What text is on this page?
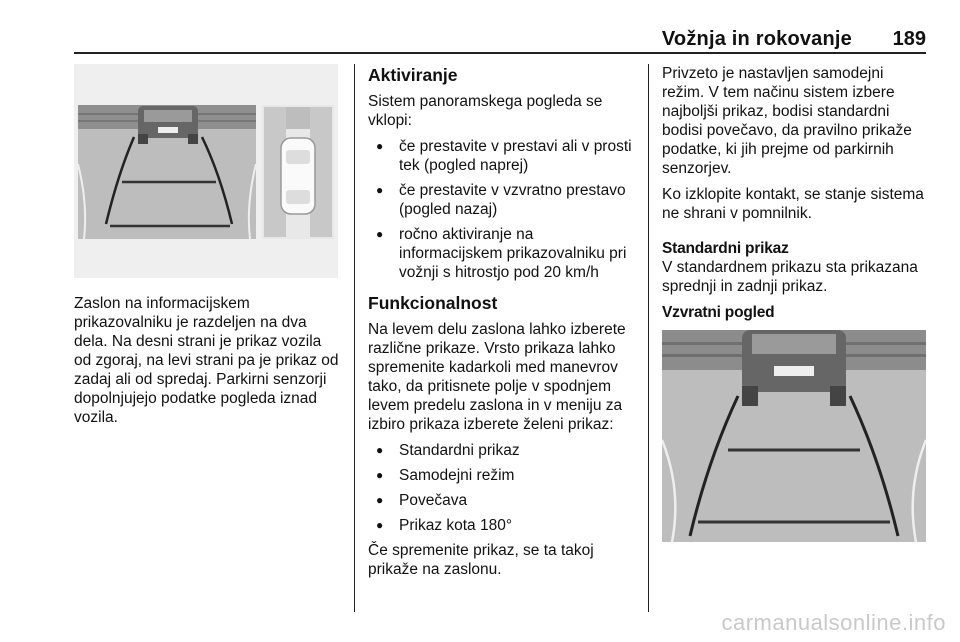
Vožnja in rokovanje 189

Zaslon na informacijskem prikazovalniku je razdeljen na dva dela. Na desni strani je prikaz vozila od zgoraj, na levi strani pa je prikaz od zadaj ali od spredaj. Parkirni senzorji dopolnjujejo podatke pogleda iznad vozila.

Aktiviranje

Sistem panoramskega pogleda se vklopi:

● če prestavite v prestavi ali v prosti tek (pogled naprej)
● če prestavite v vzvratno prestavo (pogled nazaj)
● ročno aktiviranje na informacijskem prikazovalniku pri vožnji s hitrostjo pod 20 km/h
Funkcionalnost

Na levem delu zaslona lahko izberete različne prikaze. Vrsto prikaza lahko spremenite kadarkoli med manevrov tako, da pritisnete polje v spodnjem levem predelu zaslona in v meniju za izbiro prikaza izberete želeni prikaz:

● Standardni prikaz
● Samodejni režim
● Povečava
● Prikaz kota 180°

Če spremenite prikaz, se ta takoj prikaže na zaslonu.

Privzeto je nastavljen samodejni režim. V tem načinu sistem izbere najboljši prikaz, bodisi standardni bodisi povečavo, da pravilno prikaže podatke, ki jih prejme od parkirnih senzorjev.

Ko izklopite kontakt, se stanje sistema ne shrani v pomnilnik.

Standardni prikaz

V standardnem prikazu sta prikazana sprednji in zadnji prikaz.

Vzvratni pogled
carmanualsonline.info
